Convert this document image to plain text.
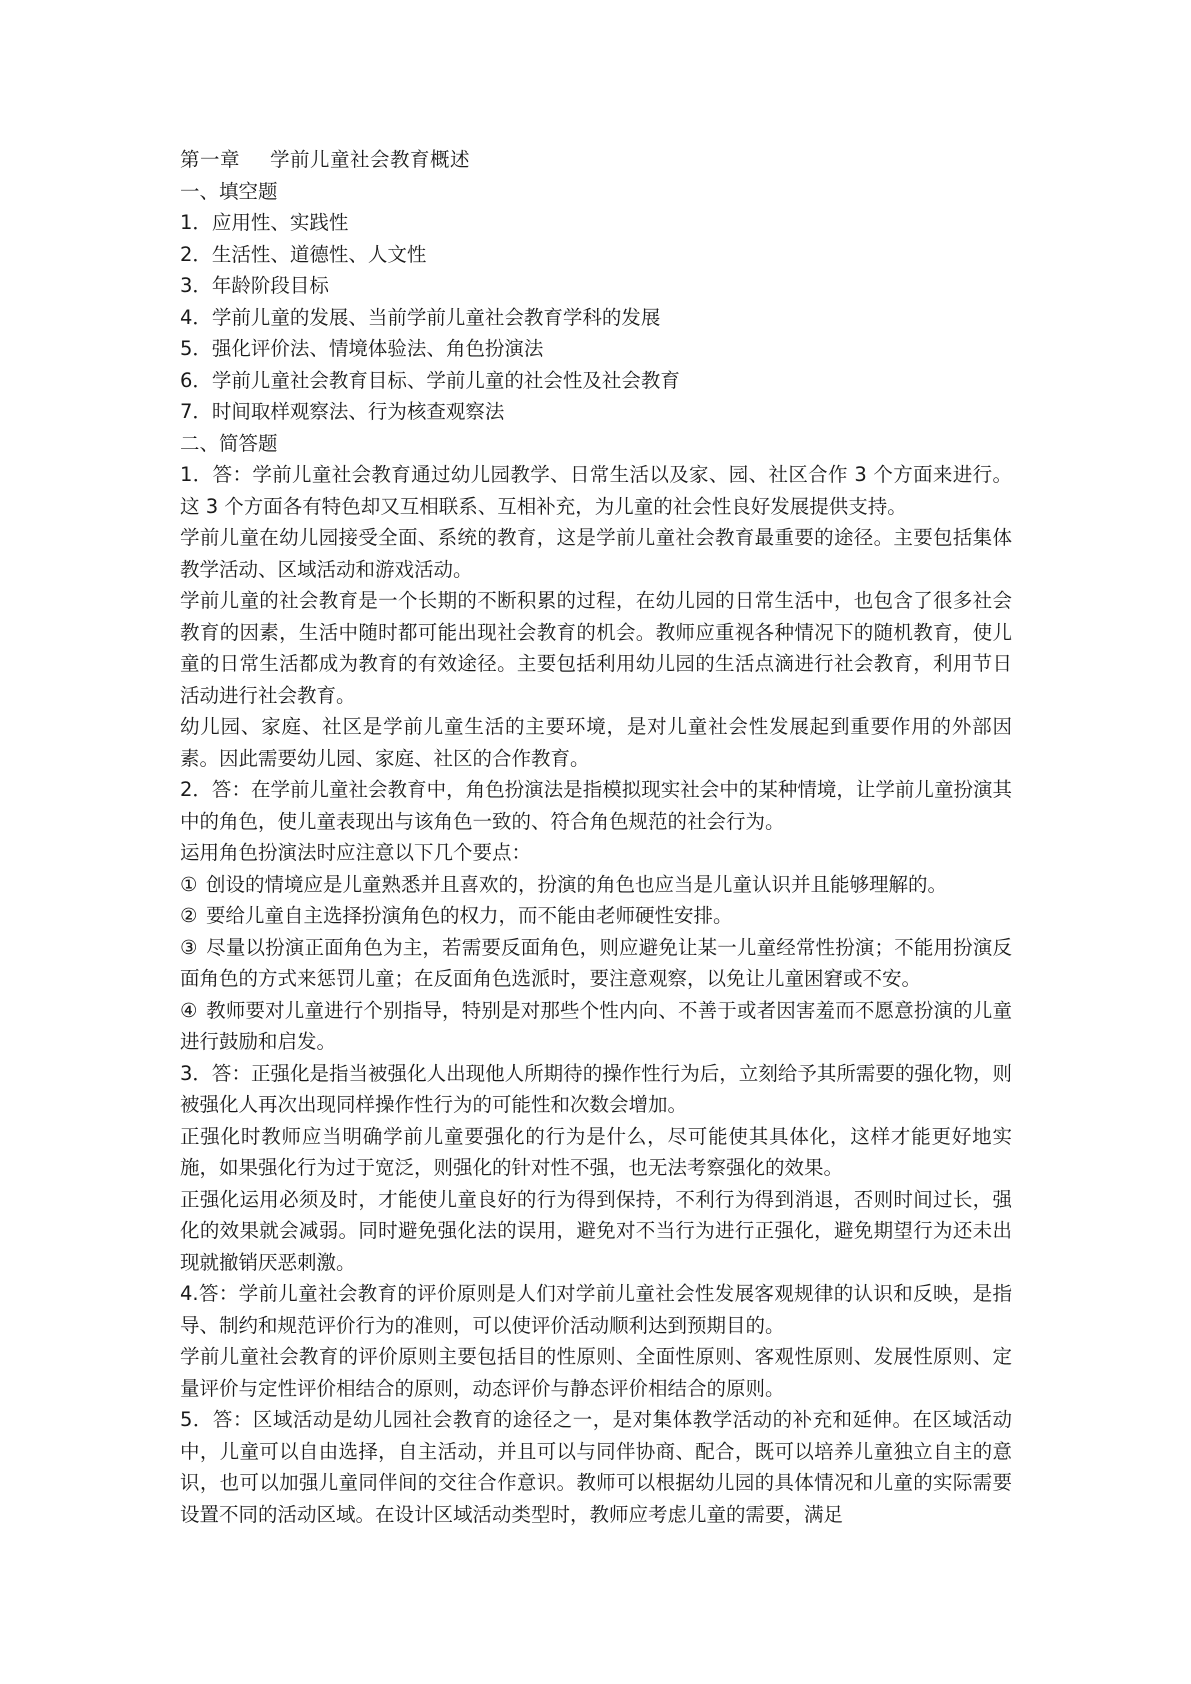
第一章 学前儿童社会教育概述

一、填空题

1．应用性、实践性

2．生活性、道德性、人文性

3．年龄阶段目标

4．学前儿童的发展、当前学前儿童社会教育学科的发展

5．强化评价法、情境体验法、角色扮演法

6．学前儿童社会教育目标、学前儿童的社会性及社会教育

7．时间取样观察法、行为核查观察法

二、简答题

1．答：学前儿童社会教育通过幼儿园教学、日常生活以及家、园、社区合作 3 个方面来进行。这 3 个方面各有特色却又互相联系、互相补充，为儿童的社会性良好发展提供支持。

学前儿童在幼儿园接受全面、系统的教育，这是学前儿童社会教育最重要的途径。主要包括集体教学活动、区域活动和游戏活动。

学前儿童的社会教育是一个长期的不断积累的过程，在幼儿园的日常生活中，也包含了很多社会教育的因素，生活中随时都可能出现社会教育的机会。教师应重视各种情况下的随机教育，使儿童的日常生活都成为教育的有效途径。主要包括利用幼儿园的生活点滴进行社会教育，利用节日活动进行社会教育。

幼儿园、家庭、社区是学前儿童生活的主要环境，是对儿童社会性发展起到重要作用的外部因素。因此需要幼儿园、家庭、社区的合作教育。

2．答：在学前儿童社会教育中，角色扮演法是指模拟现实社会中的某种情境，让学前儿童扮演其中的角色，使儿童表现出与该角色一致的、符合角色规范的社会行为。

运用角色扮演法时应注意以下几个要点：

① 创设的情境应是儿童熟悉并且喜欢的，扮演的角色也应当是儿童认识并且能够理解的。

② 要给儿童自主选择扮演角色的权力，而不能由老师硬性安排。

③ 尽量以扮演正面角色为主，若需要反面角色，则应避免让某一儿童经常性扮演；不能用扮演反面角色的方式来惩罚儿童；在反面角色选派时，要注意观察，以免让儿童困窘或不安。

④ 教师要对儿童进行个别指导，特别是对那些个性内向、不善于或者因害羞而不愿意扮演的儿童进行鼓励和启发。

3．答：正强化是指当被强化人出现他人所期待的操作性行为后，立刻给予其所需要的强化物，则被强化人再次出现同样操作性行为的可能性和次数会增加。

正强化时教师应当明确学前儿童要强化的行为是什么，尽可能使其具体化，这样才能更好地实施，如果强化行为过于宽泛，则强化的针对性不强，也无法考察强化的效果。

正强化运用必须及时，才能使儿童良好的行为得到保持，不利行为得到消退，否则时间过长，强化的效果就会减弱。同时避免强化法的误用，避免对不当行为进行正强化，避免期望行为还未出现就撤销厌恶刺激。

4.答：学前儿童社会教育的评价原则是人们对学前儿童社会性发展客观规律的认识和反映，是指导、制约和规范评价行为的准则，可以使评价活动顺利达到预期目的。

学前儿童社会教育的评价原则主要包括目的性原则、全面性原则、客观性原则、发展性原则、定量评价与定性评价相结合的原则，动态评价与静态评价相结合的原则。

5．答：区域活动是幼儿园社会教育的途径之一，是对集体教学活动的补充和延伸。在区域活动中，儿童可以自由选择，自主活动，并且可以与同伴协商、配合，既可以培养儿童独立自主的意识，也可以加强儿童同伴间的交往合作意识。教师可以根据幼儿园的具体情况和儿童的实际需要设置不同的活动区域。在设计区域活动类型时，教师应考虑儿童的需要，满足
